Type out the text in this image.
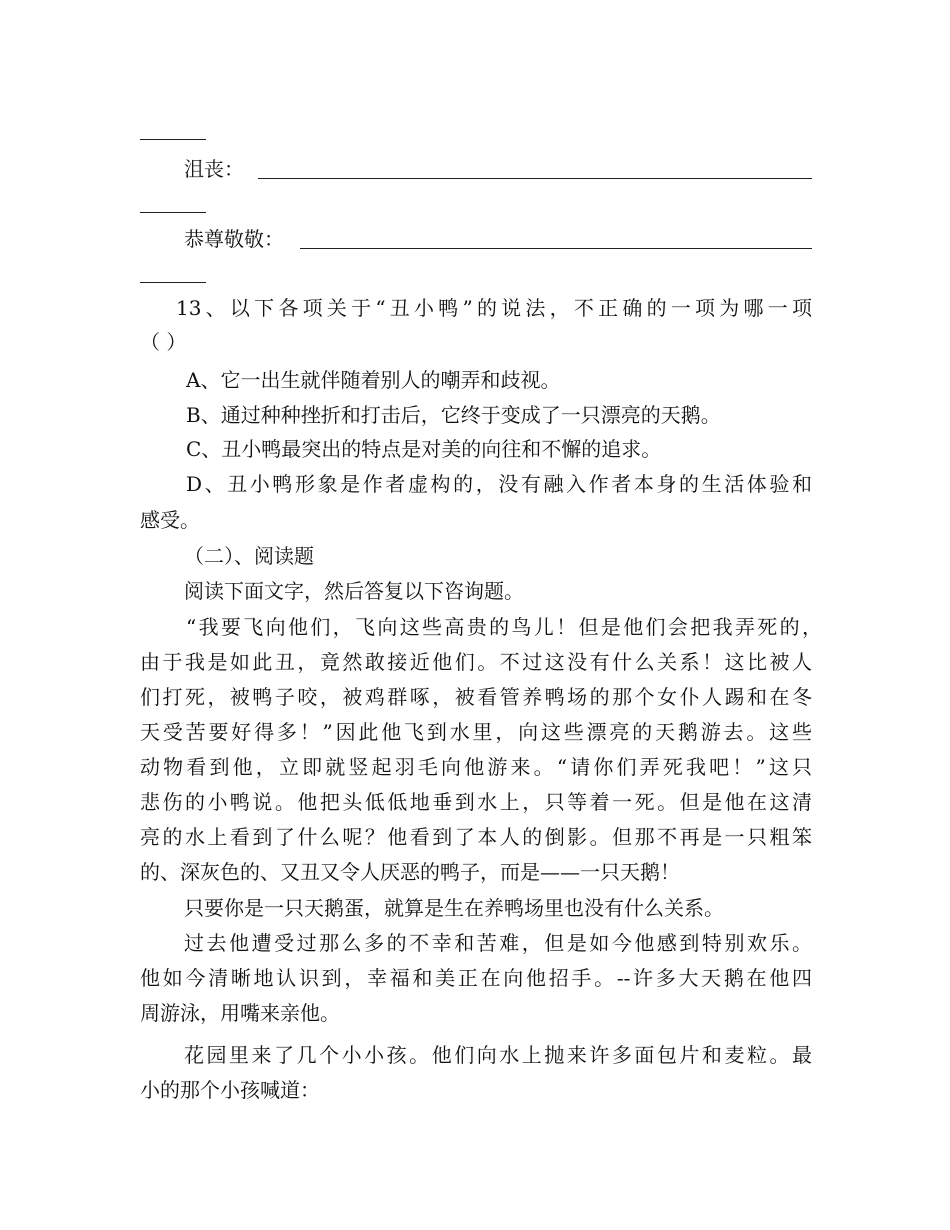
沮丧：
恭尊敬敬：
13、以下各项关于“丑小鸭”的说法，不正确的一项为哪一项
（ ）
A、它一出生就伴随着别人的嘲弄和歧视。
B、通过种种挫折和打击后，它终于变成了一只漂亮的天鹅。
C、丑小鸭最突出的特点是对美的向往和不懈的追求。
D、丑小鸭形象是作者虚构的，没有融入作者本身的生活体验和
感受。
（二）、阅读题
阅读下面文字，然后答复以下咨询题。
“我要飞向他们，飞向这些高贵的鸟儿！但是他们会把我弄死的，
由于我是如此丑，竟然敢接近他们。不过这没有什么关系！这比被人
们打死，被鸭子咬，被鸡群啄，被看管养鸭场的那个女仆人踢和在冬
天受苦要好得多！”因此他飞到水里，向这些漂亮的天鹅游去。这些
动物看到他，立即就竖起羽毛向他游来。“请你们弄死我吧！”这只
悲伤的小鸭说。他把头低低地垂到水上，只等着一死。但是他在这清
亮的水上看到了什么呢？他看到了本人的倒影。但那不再是一只粗笨
的、深灰色的、又丑又令人厌恶的鸭子，而是——一只天鹅！
只要你是一只天鹅蛋，就算是生在养鸭场里也没有什么关系。
过去他遭受过那么多的不幸和苦难，但是如今他感到特别欢乐。
他如今清晰地认识到，幸福和美正在向他招手。--许多大天鹅在他四
周游泳，用嘴来亲他。
花园里来了几个小小孩。他们向水上抛来许多面包片和麦粒。最
小的那个小孩喊道：
